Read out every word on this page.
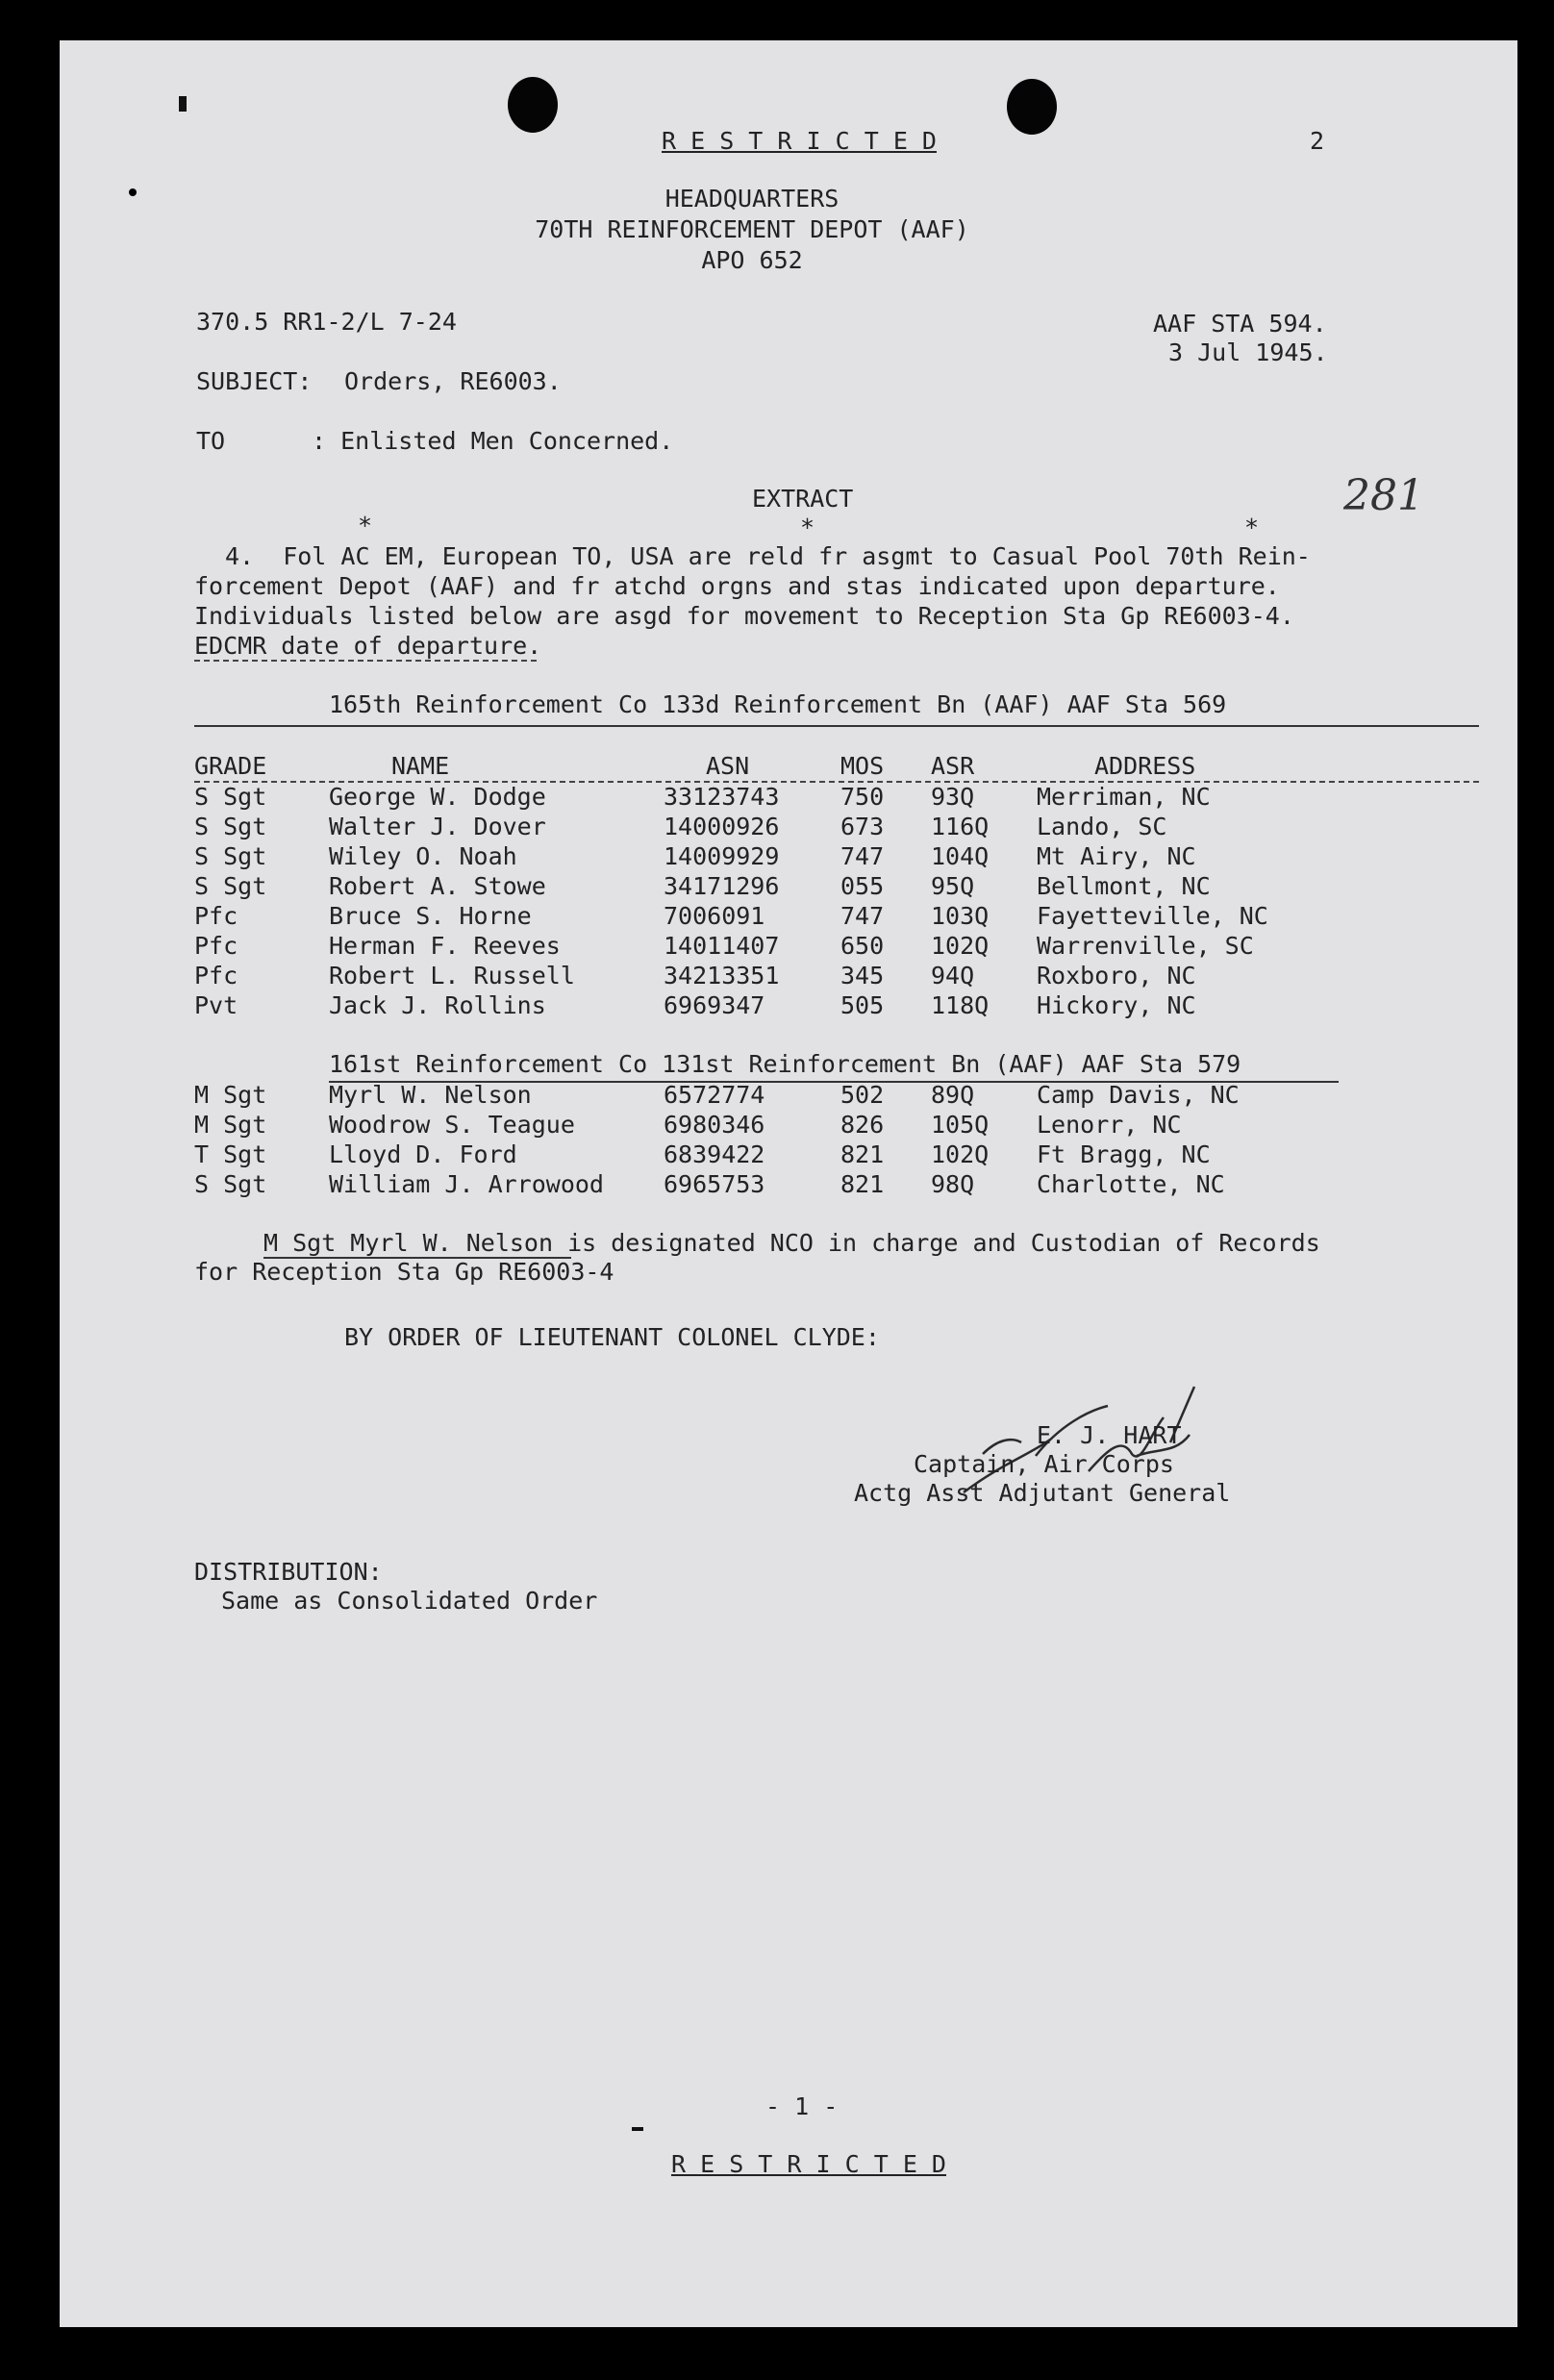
R E S T R I C T E D	2
HEADQUARTERS
70TH REINFORCEMENT DEPOT (AAF)
APO 652
370.5 RR1-2/L 7-24	AAF STA 594.
3 Jul 1945.
SUBJECT: Orders, RE6003.
TO	: Enlisted Men Concerned.
EXTRACT	281
*	*	*
4.  Fol AC EM, European TO, USA are reld fr asgmt to Casual Pool 70th Rein-
forcement Depot (AAF) and fr atchd orgns and stas indicated upon departure.
Individuals listed below are asgd for movement to Reception Sta Gp RE6003-4.
EDCMR date of departure.
165th Reinforcement Co 133d Reinforcement Bn (AAF) AAF Sta 569
GRADE	NAME	ASN	MOS ASR	ADDRESS
S Sgt	George W. Dodge	33123743	750 93Q	Merriman, NC
S Sgt	Walter J. Dover	14000926	673 116Q Lando, SC
S Sgt	Wiley O. Noah	14009929	747 104Q Mt Airy, NC
S Sgt	Robert A. Stowe	34171296	055 95Q	Bellmont, NC
Pfc	Bruce S. Horne	7006091	747 103Q Fayetteville, NC
Pfc	Herman F. Reeves	14011407	650 102Q Warrenville, SC
Pfc	Robert L. Russell	34213351	345 94Q	Roxboro, NC
Pvt	Jack J. Rollins	6969347	505 118Q Hickory, NC
161st Reinforcement Co 131st Reinforcement Bn (AAF) AAF Sta 579
M Sgt	Myrl W. Nelson	6572774	502 89Q	Camp Davis, NC
M Sgt	Woodrow S. Teague	6980346	826 105Q Lenorr, NC
T Sgt	Lloyd D. Ford	6839422	821 102Q Ft Bragg, NC
S Sgt	William J. Arrowood 6965753	821 98Q	Charlotte, NC
M Sgt Myrl W. Nelson is designated NCO in charge and Custodian of Records
for Reception Sta Gp RE6003-4
BY ORDER OF LIEUTENANT COLONEL CLYDE:
E. J. HART
Captain, Air Corps
Actg Asst Adjutant General
DISTRIBUTION:
Same as Consolidated Order
- 1 -
R E S T R I C T E D
